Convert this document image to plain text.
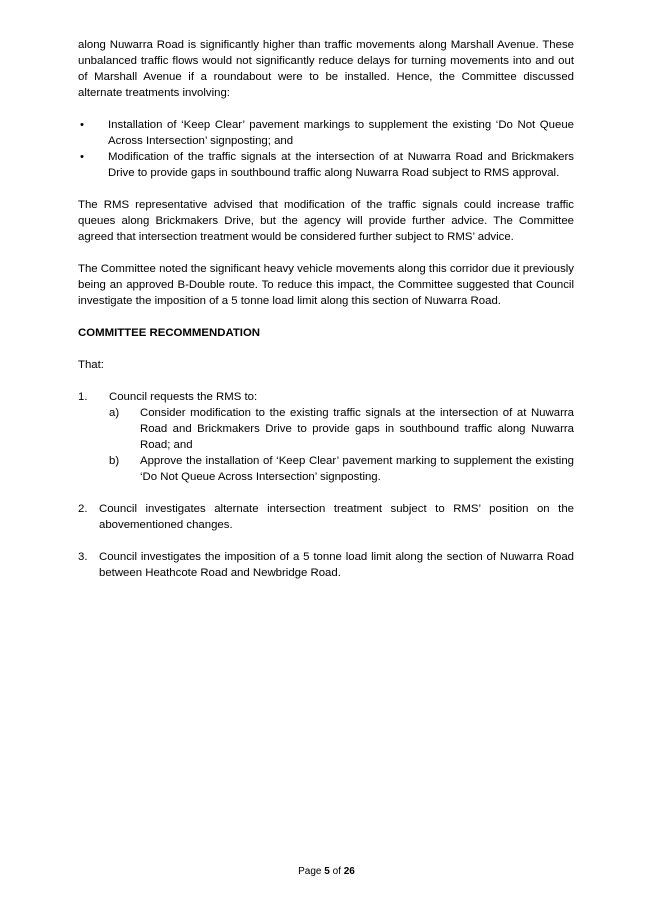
along Nuwarra Road is significantly higher than traffic movements along Marshall Avenue. These unbalanced traffic flows would not significantly reduce delays for turning movements into and out of Marshall Avenue if a roundabout were to be installed. Hence, the Committee discussed alternate treatments involving:

• Installation of ‘Keep Clear’ pavement markings to supplement the existing ‘Do Not Queue Across Intersection’ signposting; and
• Modification of the traffic signals at the intersection of at Nuwarra Road and Brickmakers Drive to provide gaps in southbound traffic along Nuwarra Road subject to RMS approval.

The RMS representative advised that modification of the traffic signals could increase traffic queues along Brickmakers Drive, but the agency will provide further advice. The Committee agreed that intersection treatment would be considered further subject to RMS’ advice.

The Committee noted the significant heavy vehicle movements along this corridor due it previously being an approved B-Double route. To reduce this impact, the Committee suggested that Council investigate the imposition of a 5 tonne load limit along this section of Nuwarra Road.

COMMITTEE RECOMMENDATION

That:

1. Council requests the RMS to:
a) Consider modification to the existing traffic signals at the intersection of at Nuwarra Road and Brickmakers Drive to provide gaps in southbound traffic along Nuwarra Road; and
b) Approve the installation of ‘Keep Clear’ pavement marking to supplement the existing ‘Do Not Queue Across Intersection’ signposting.
2. Council investigates alternate intersection treatment subject to RMS’ position on the abovementioned changes.
3. Council investigates the imposition of a 5 tonne load limit along the section of Nuwarra Road between Heathcote Road and Newbridge Road.
Page 5 of 26
